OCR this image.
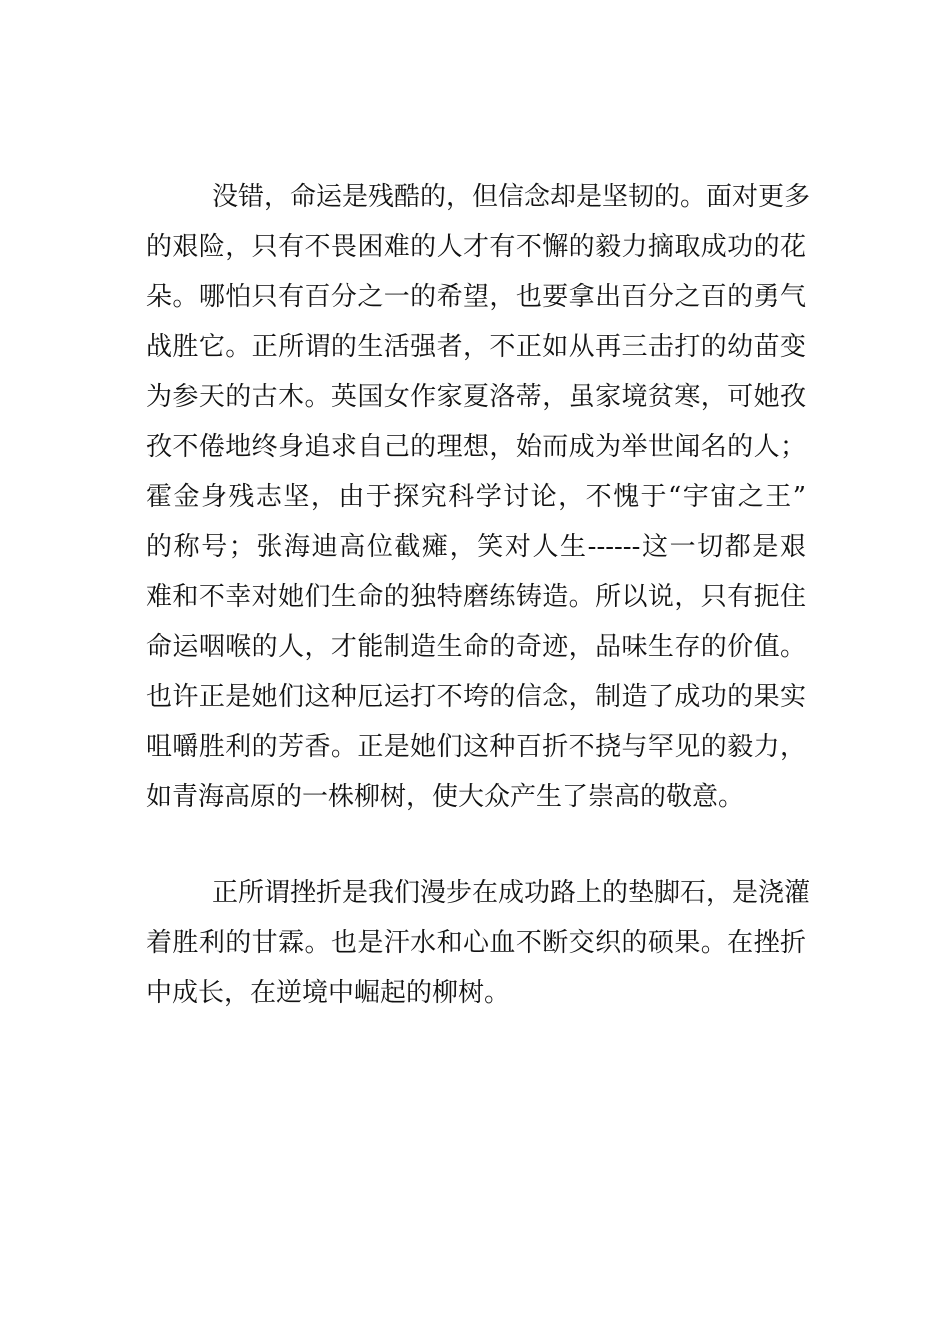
没错，命运是残酷的，但信念却是坚韧的。面对更多
的艰险，只有不畏困难的人才有不懈的毅力摘取成功的花
朵。哪怕只有百分之一的希望，也要拿出百分之百的勇气
战胜它。正所谓的生活强者，不正如从再三击打的幼苗变
为参天的古木。英国女作家夏洛蒂，虽家境贫寒，可她孜
孜不倦地终身追求自己的理想，始而成为举世闻名的人；
霍金身残志坚，由于探究科学讨论，不愧于“宇宙之王”
的称号；张海迪高位截瘫，笑对人生------这一切都是艰
难和不幸对她们生命的独特磨练铸造。所以说，只有扼住
命运咽喉的人，才能制造生命的奇迹，品味生存的价值。
也许正是她们这种厄运打不垮的信念，制造了成功的果实
咀嚼胜利的芳香。正是她们这种百折不挠与罕见的毅力，
如青海高原的一株柳树，使大众产生了崇高的敬意。
正所谓挫折是我们漫步在成功路上的垫脚石，是浇灌
着胜利的甘霖。也是汗水和心血不断交织的硕果。在挫折
中成长，在逆境中崛起的柳树。
